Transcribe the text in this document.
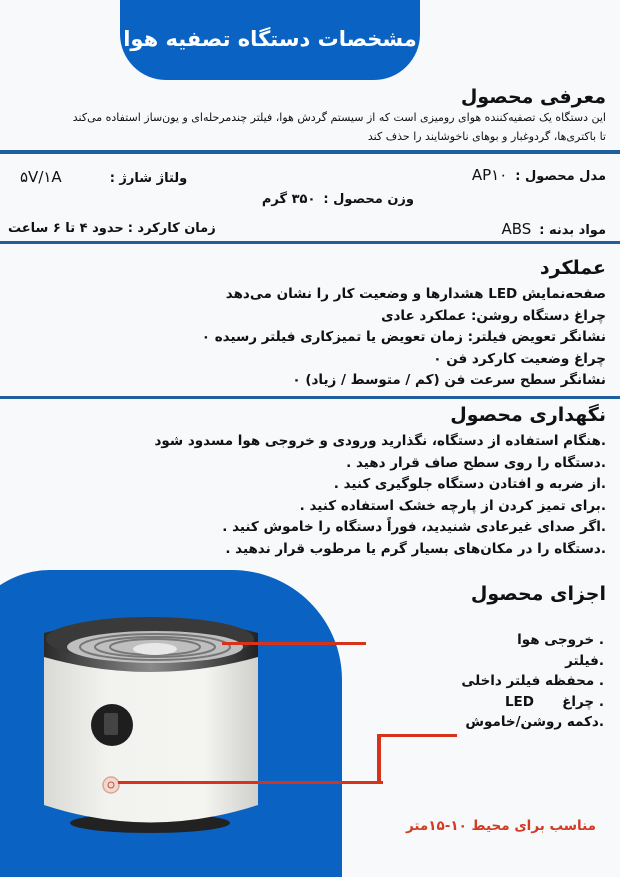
مشخصات دستگاه تصفیه هوا
معرفی محصول
این دستگاه یک تصفیه‌کننده هوای رومیزی است که از سیستم گردش هوا، فیلتر چندمرحله‌ای و یون‌ساز استفاده می‌کند
تا باکتری‌ها، گردوغبار و بوهای ناخوشایند را حذف کند
مدل محصول :AP۱۰
ولتاژ شارژ :۵V/۱A
وزن محصول :۳۵۰ گرم
مواد بدنه :ABS
زمان کارکرد :حدود ۴ تا ۶ ساعت
عملکرد
صفحه‌نمایش LED هشدارها و وضعیت کار را نشان می‌دهد
چراغ دستگاه روشن: عملکرد عادی
نشانگر تعویض فیلتر: زمان تعویض یا تمیزکاری فیلتر رسیده ٠
چراغ وضعیت کارکرد فن ٠
نشانگر سطح سرعت فن (کم / متوسط / زیاد) ٠
نگهداری محصول
.هنگام استفاده از دستگاه، نگذارید ورودی و خروجی هوا مسدود شود
.دستگاه را روی سطح صاف قرار دهید .
.از ضربه و افتادن دستگاه جلوگیری کنید .
.برای تمیز کردن از پارچه خشک استفاده کنید .
.اگر صدای غیرعادی شنیدید، فوراً دستگاه را خاموش کنید .
.دستگاه را در مکان‌های بسیار گرم یا مرطوب قرار ندهید .
اجزای محصول
. خروجی هوا
.فیلتر
. محفظه فیلتر داخلی
. چراغ      LED
.دکمه روشن/خاموش
مناسب برای محیط ۱۰-۱۵متر
